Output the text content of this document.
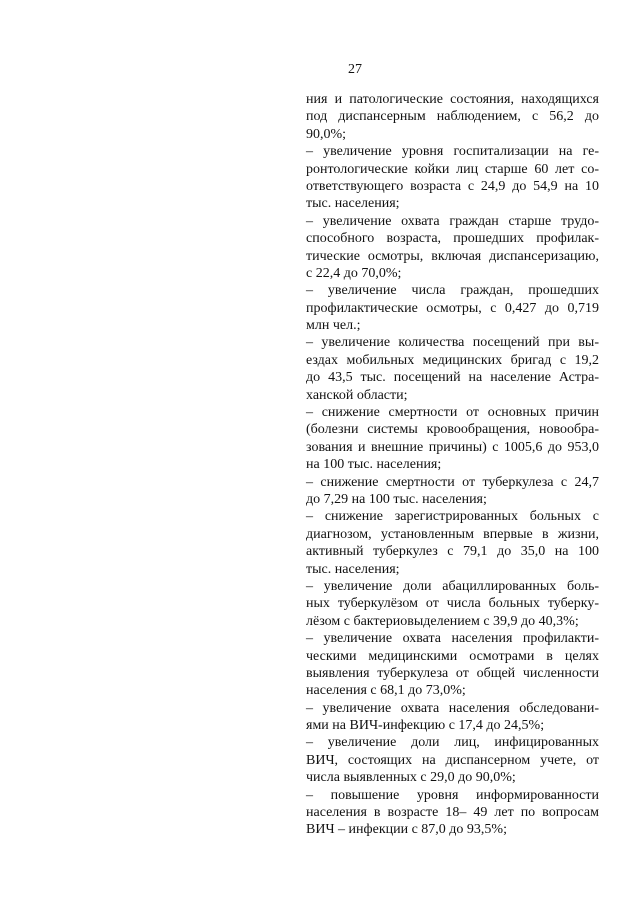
27
ния и патологические состояния, находящихся
под диспансерным наблюдением, с 56,2 до
90,0%;
– увеличение уровня госпитализации на ге-
ронтологические койки лиц старше 60 лет со-
ответствующего возраста с 24,9 до 54,9 на 10
тыс. населения;
– увеличение охвата граждан старше трудо-
способного возраста, прошедших профилак-
тические осмотры, включая диспансеризацию,
с 22,4 до 70,0%;
– увеличение числа граждан, прошедших
профилактические осмотры, с 0,427 до 0,719
млн чел.;
– увеличение количества посещений при вы-
ездах мобильных медицинских бригад с 19,2
до 43,5 тыс. посещений на население Астра-
ханской области;
– снижение смертности от основных причин
(болезни системы кровообращения, новообра-
зования и внешние причины) с 1005,6 до 953,0
на 100 тыс. населения;
– снижение смертности от туберкулеза с 24,7
до 7,29 на 100 тыс. населения;
– снижение зарегистрированных больных с
диагнозом, установленным впервые в жизни,
активный туберкулез с 79,1 до 35,0 на 100
тыс. населения;
– увеличение доли абациллированных боль-
ных туберкулёзом от числа больных туберку-
лёзом с бактериовыделением с 39,9 до 40,3%;
– увеличение охвата населения профилакти-
ческими медицинскими осмотрами в целях
выявления туберкулеза от общей численности
населения с 68,1 до 73,0%;
– увеличение охвата населения обследовани-
ями на ВИЧ-инфекцию с 17,4 до 24,5%;
– увеличение доли лиц, инфицированных
ВИЧ, состоящих на диспансерном учете, от
числа выявленных с 29,0 до 90,0%;
– повышение уровня информированности
населения в возрасте 18– 49 лет по вопросам
ВИЧ – инфекции с 87,0 до 93,5%;
